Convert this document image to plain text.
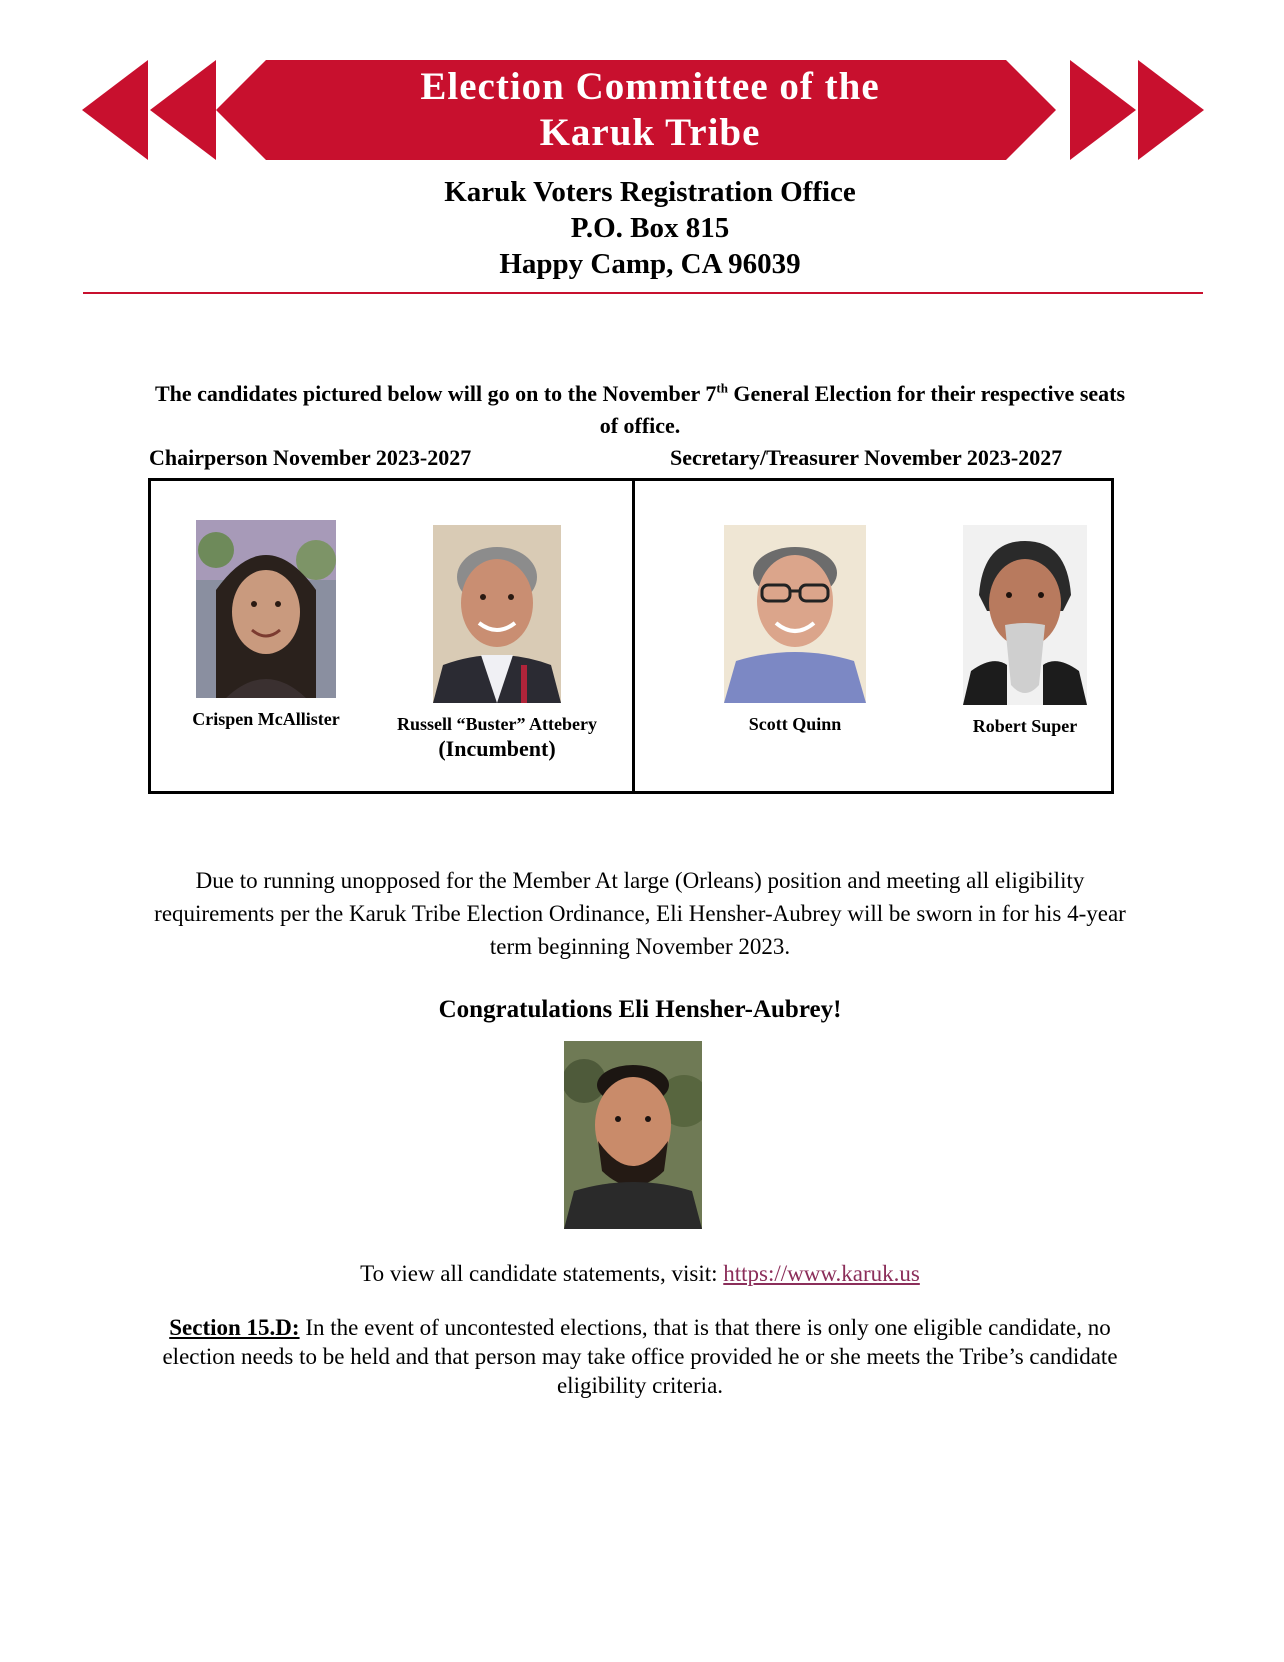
Election Committee of the
Karuk Tribe
Karuk Voters Registration Office
P.O. Box 815
Happy Camp, CA 96039
The candidates pictured below will go on to the November 7th General Election for their respective seats of office.
Chairperson November 2023-2027	Secretary/Treasurer November 2023-2027
Crispen McAllister	Russell “Buster” Attebery
(Incumbent)
Scott Quinn	Robert Super
Due to running unopposed for the Member At large (Orleans) position and meeting all eligibility requirements per the Karuk Tribe Election Ordinance, Eli Hensher-Aubrey will be sworn in for his 4-year term beginning November 2023.
Congratulations Eli Hensher-Aubrey!
To view all candidate statements, visit: https://www.karuk.us
Section 15.D: In the event of uncontested elections, that is that there is only one eligible candidate, no election needs to be held and that person may take office provided he or she meets the Tribe’s candidate eligibility criteria.
